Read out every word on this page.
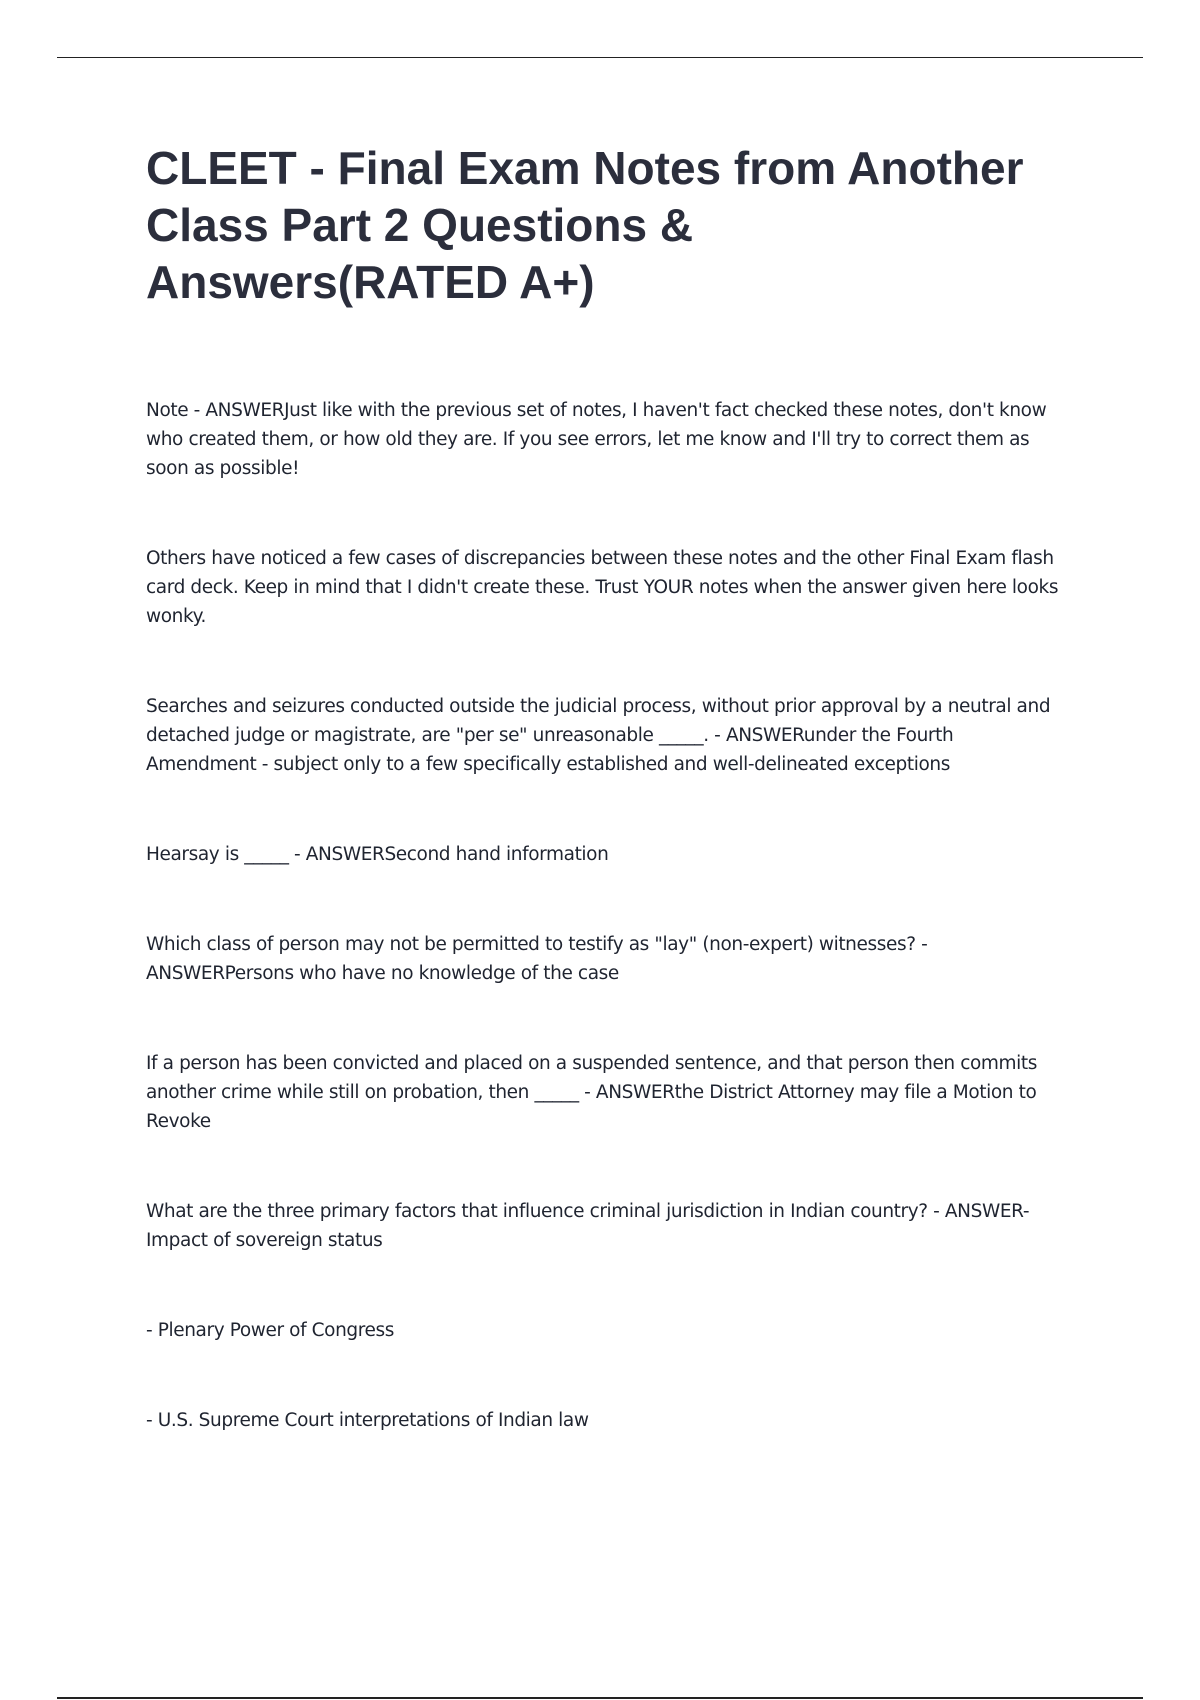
CLEET - Final Exam Notes from Another Class Part 2 Questions & Answers(RATED A+)

Note - ANSWERJust like with the previous set of notes, I haven't fact checked these notes, don't know who created them, or how old they are. If you see errors, let me know and I'll try to correct them as soon as possible!

Others have noticed a few cases of discrepancies between these notes and the other Final Exam flash card deck. Keep in mind that I didn't create these. Trust YOUR notes when the answer given here looks wonky.

Searches and seizures conducted outside the judicial process, without prior approval by a neutral and detached judge or magistrate, are "per se" unreasonable _____. - ANSWERunder the Fourth Amendment - subject only to a few specifically established and well-delineated exceptions

Hearsay is _____ - ANSWERSecond hand information

Which class of person may not be permitted to testify as "lay" (non-expert) witnesses? - ANSWERPersons who have no knowledge of the case

If a person has been convicted and placed on a suspended sentence, and that person then commits another crime while still on probation, then _____ - ANSWERthe District Attorney may file a Motion to Revoke

What are the three primary factors that influence criminal jurisdiction in Indian country? - ANSWER-Impact of sovereign status

- Plenary Power of Congress

- U.S. Supreme Court interpretations of Indian law
